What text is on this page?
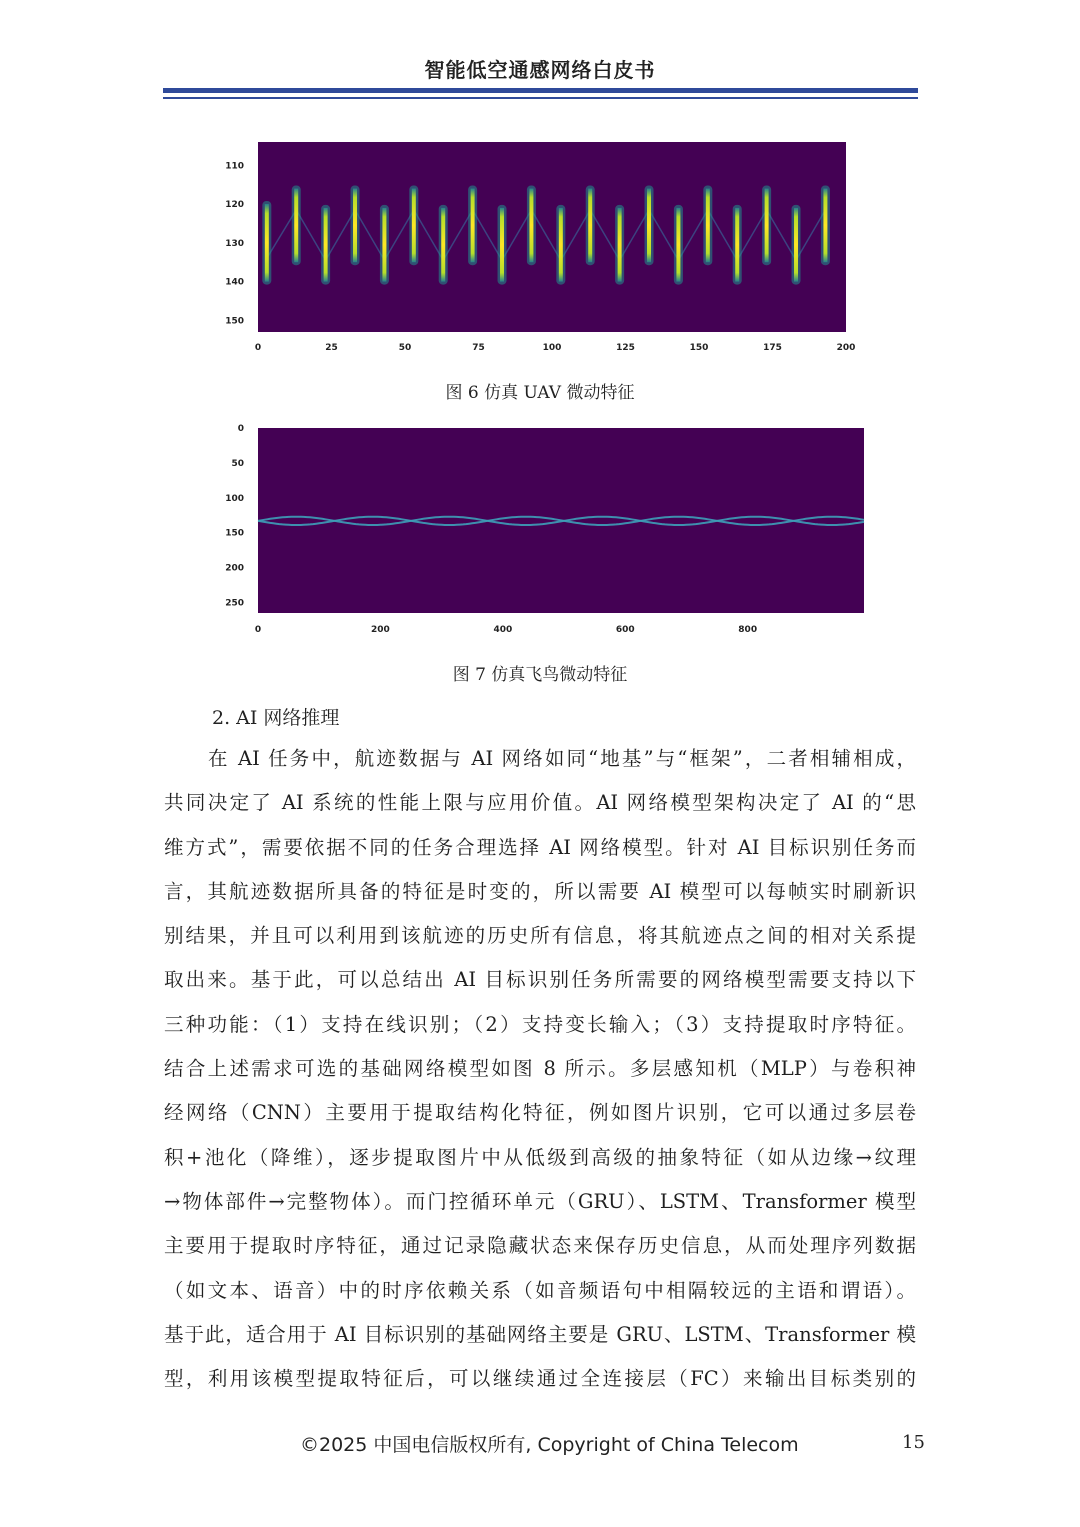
智能低空通感网络白皮书
0	25	50	75	100	125	150	175	200
110
120
130
140
150
图 6 仿真 UAV 微动特征
0	200	400	600	800
0
50
100
150
200
250
图 7 仿真飞鸟微动特征
2. AI 网络推理
在 AI 任务中，航迹数据与 AI 网络如同“地基”与“框架”，二者相辅相成，
共同决定了 AI 系统的性能上限与应用价值。AI 网络模型架构决定了 AI 的“思
维方式”，需要依据不同的任务合理选择 AI 网络模型。针对 AI 目标识别任务而
言，其航迹数据所具备的特征是时变的，所以需要 AI 模型可以每帧实时刷新识
别结果，并且可以利用到该航迹的历史所有信息，将其航迹点之间的相对关系提
取出来。基于此，可以总结出 AI 目标识别任务所需要的网络模型需要支持以下
三种功能：（1）支持在线识别；（2）支持变长输入；（3）支持提取时序特征。
结合上述需求可选的基础网络模型如图 8 所示。多层感知机（MLP）与卷积神
经网络（CNN）主要用于提取结构化特征，例如图片识别，它可以通过多层卷
积+池化（降维），逐步提取图片中从低级到高级的抽象特征（如从边缘→纹理
→物体部件→完整物体）。而门控循环单元（GRU）、LSTM、Transformer 模型
主要用于提取时序特征，通过记录隐藏状态来保存历史信息，从而处理序列数据
（如文本、语音）中的时序依赖关系（如音频语句中相隔较远的主语和谓语）。
基于此，适合用于 AI 目标识别的基础网络主要是 GRU、LSTM、Transformer 模
型，利用该模型提取特征后，可以继续通过全连接层（FC）来输出目标类别的
©2025 中国电信版权所有, Copyright of China Telecom	15
